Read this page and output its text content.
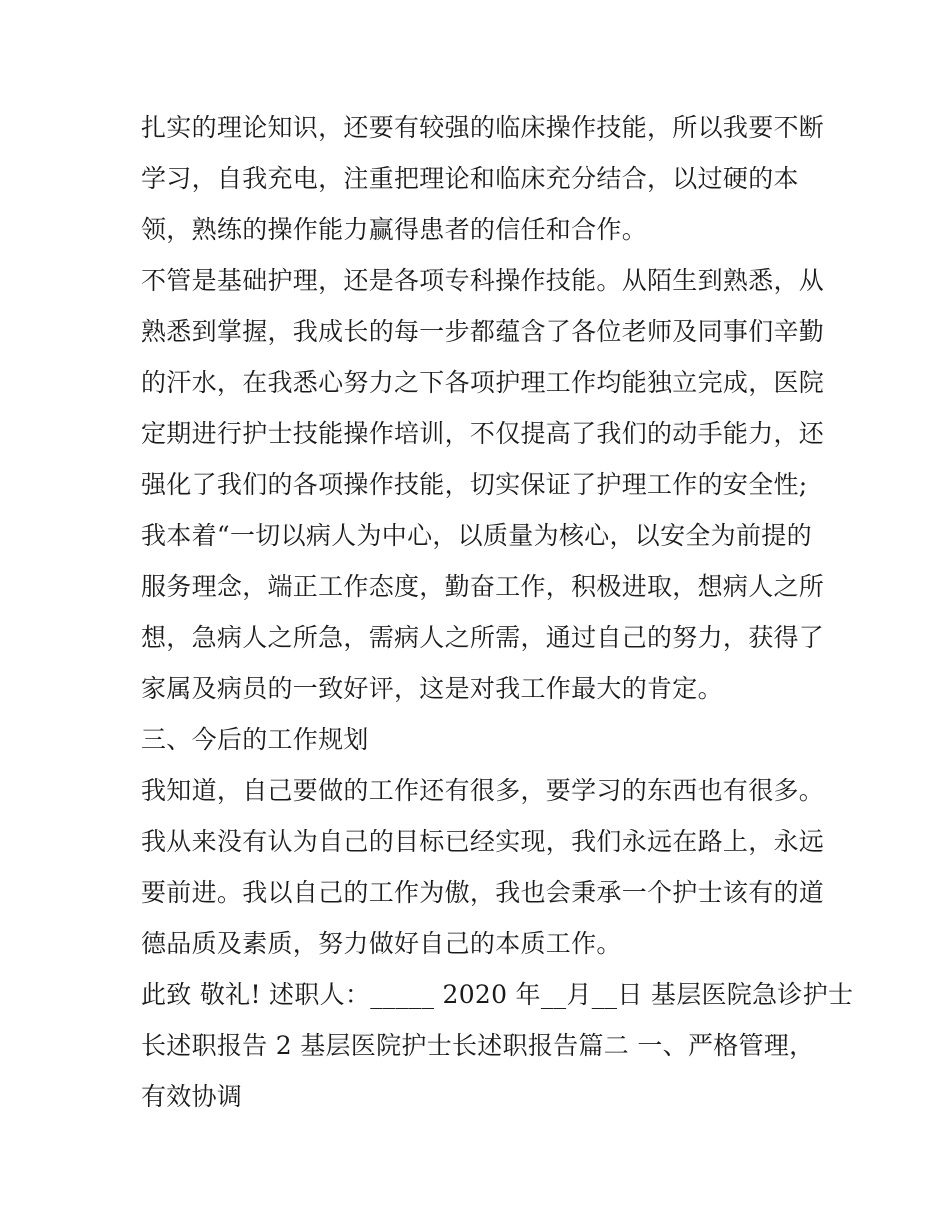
扎实的理论知识，还要有较强的临床操作技能，所以我要不断
学习，自我充电，注重把理论和临床充分结合，以过硬的本
领，熟练的操作能力赢得患者的信任和合作。
不管是基础护理，还是各项专科操作技能。从陌生到熟悉，从
熟悉到掌握，我成长的每一步都蕴含了各位老师及同事们辛勤
的汗水，在我悉心努力之下各项护理工作均能独立完成，医院
定期进行护士技能操作培训，不仅提高了我们的动手能力，还
强化了我们的各项操作技能，切实保证了护理工作的安全性;
我本着“一切以病人为中心，以质量为核心，以安全为前提的
服务理念，端正工作态度，勤奋工作，积极进取，想病人之所
想，急病人之所急，需病人之所需，通过自己的努力，获得了
家属及病员的一致好评，这是对我工作最大的肯定。
三、今后的工作规划
我知道，自己要做的工作还有很多，要学习的东西也有很多。
我从来没有认为自己的目标已经实现，我们永远在路上，永远
要前进。我以自己的工作为傲，我也会秉承一个护士该有的道
德品质及素质，努力做好自己的本质工作。
此致 敬礼! 述职人：_____ 2020 年__月__日 基层医院急诊护士
长述职报告 2 基层医院护士长述职报告篇二 一、严格管理，
有效协调
